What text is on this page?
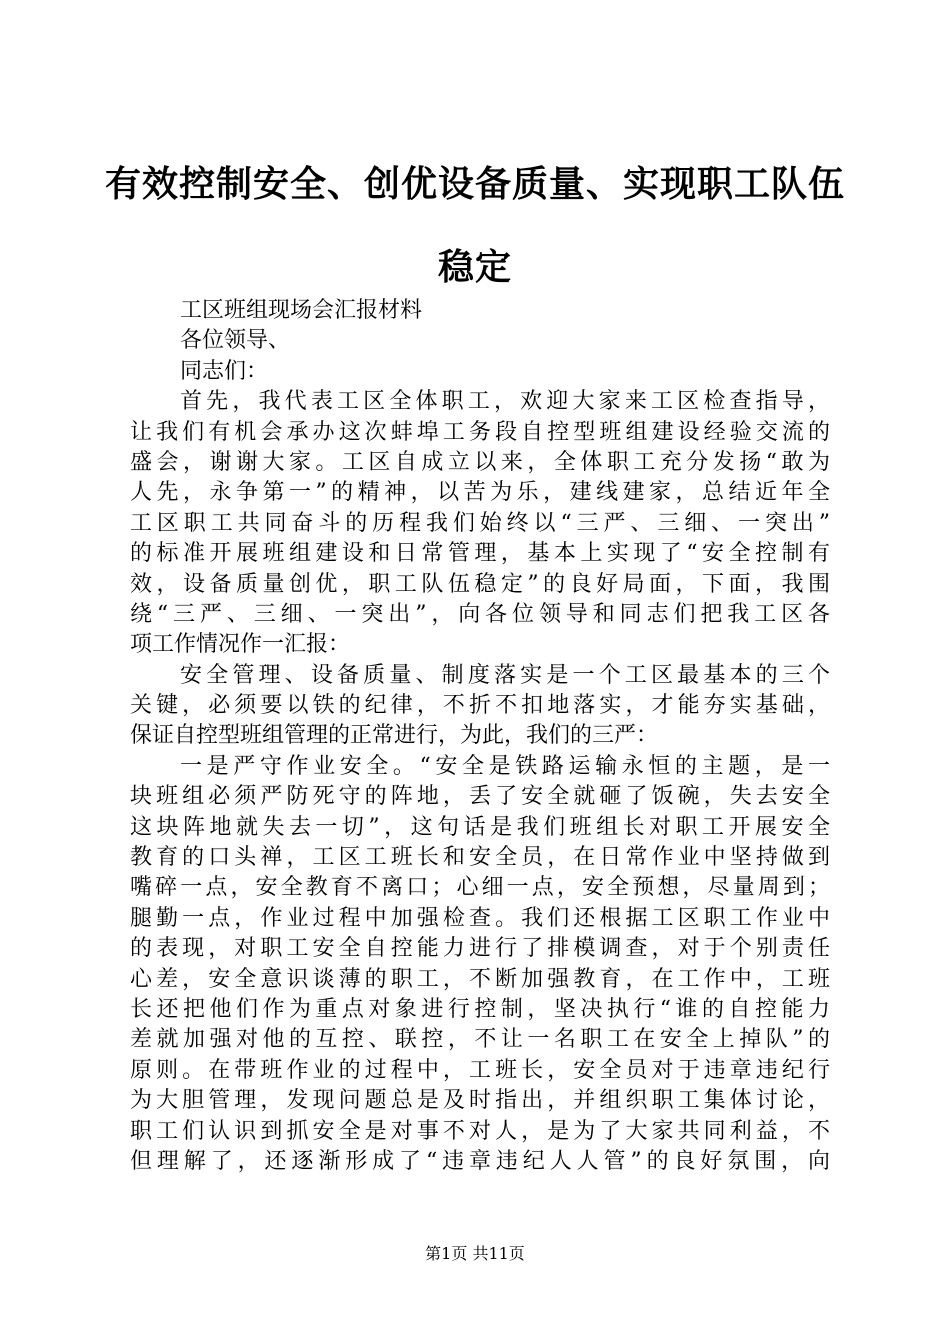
有效控制安全、创优设备质量、实现职工队伍
稳定
工区班组现场会汇报材料
各位领导、
同志们：
首先，我代表工区全体职工，欢迎大家来工区检查指导，
让我们有机会承办这次蚌埠工务段自控型班组建设经验交流的
盛会，谢谢大家。工区自成立以来，全体职工充分发扬“敢为
人先，永争第一”的精神，以苦为乐，建线建家，总结近年全
工区职工共同奋斗的历程我们始终以“三严、三细、一突出”
的标准开展班组建设和日常管理，基本上实现了“安全控制有
效，设备质量创优，职工队伍稳定”的良好局面，下面，我围
绕“三严、三细、一突出”，向各位领导和同志们把我工区各
项工作情况作一汇报：
安全管理、设备质量、制度落实是一个工区最基本的三个
关键，必须要以铁的纪律，不折不扣地落实，才能夯实基础，
保证自控型班组管理的正常进行，为此，我们的三严：
一是严守作业安全。“安全是铁路运输永恒的主题，是一
块班组必须严防死守的阵地，丢了安全就砸了饭碗，失去安全
这块阵地就失去一切”，这句话是我们班组长对职工开展安全
教育的口头禅，工区工班长和安全员，在日常作业中坚持做到
嘴碎一点，安全教育不离口；心细一点，安全预想，尽量周到；
腿勤一点，作业过程中加强检查。我们还根据工区职工作业中
的表现，对职工安全自控能力进行了排模调查，对于个别责任
心差，安全意识谈薄的职工，不断加强教育，在工作中，工班
长还把他们作为重点对象进行控制，坚决执行“谁的自控能力
差就加强对他的互控、联控，不让一名职工在安全上掉队”的
原则。在带班作业的过程中，工班长，安全员对于违章违纪行
为大胆管理，发现问题总是及时指出，并组织职工集体讨论，
职工们认识到抓安全是对事不对人，是为了大家共同利益，不
但理解了，还逐渐形成了“违章违纪人人管”的良好氛围，向
第1页 共11页
